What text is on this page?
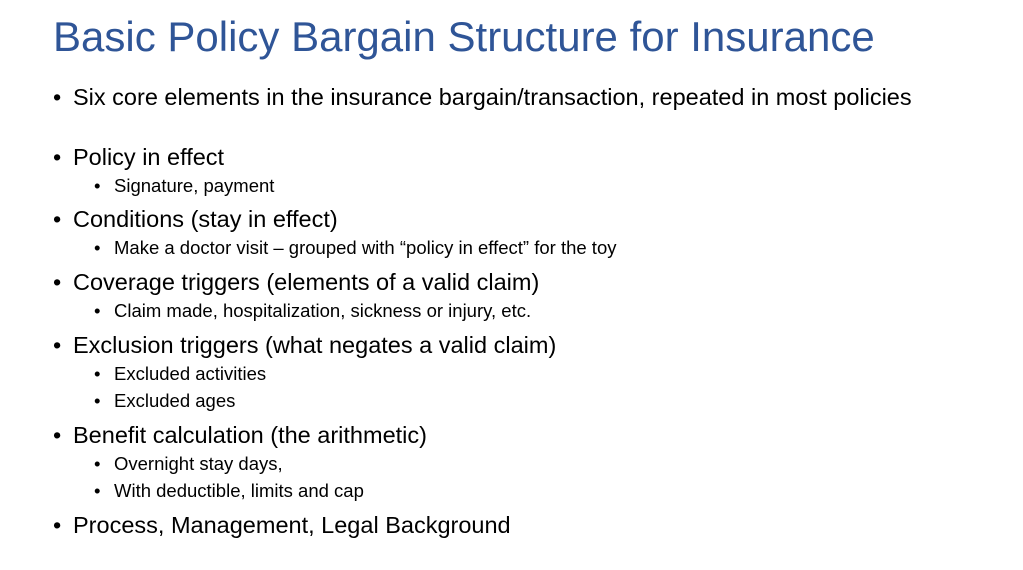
Basic Policy Bargain Structure for Insurance
• Six core elements in the insurance bargain/transaction, repeated in most policies
• Policy in effect
• Signature, payment
• Conditions (stay in effect)
• Make a doctor visit – grouped with “policy in effect” for the toy
• Coverage triggers (elements of a valid claim)
• Claim made, hospitalization, sickness or injury, etc.
• Exclusion triggers (what negates a valid claim)
• Excluded activities
• Excluded ages
• Benefit calculation (the arithmetic)
• Overnight stay days,
• With deductible, limits and cap
• Process, Management, Legal Background
